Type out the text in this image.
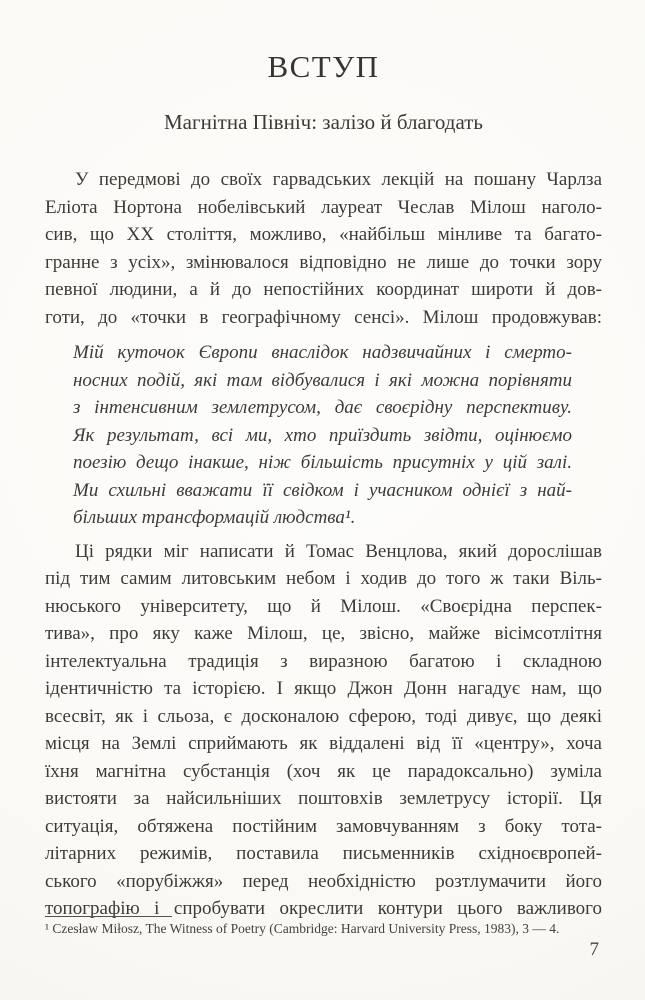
ВСТУП
Магнітна Північ: залізо й благодать
У передмові до своїх гарвадських лекцій на пошану Чарлза
Еліота Нортона нобелівський лауреат Чеслав Мілош наголо-
сив, що ХХ століття, можливо, «найбільш мінливе та багато-
гранне з усіх», змінювалося відповідно не лише до точки зору
певної людини, а й до непостійних координат широти й дов-
готи, до «точки в географічному сенсі». Мілош продовжував:
Мій куточок Європи внаслідок надзвичайних і смерто-
носних подій, які там відбувалися і які можна порівняти
з інтенсивним землетрусом, дає своєрідну перспективу.
Як результат, всі ми, хто приїздить звідти, оцінюємо
поезію дещо інакше, ніж більшість присутніх у цій залі.
Ми схильні вважати її свідком і учасником однієї з най-
більших трансформацій людства¹.
Ці рядки міг написати й Томас Венцлова, який дорослішав
під тим самим литовським небом і ходив до того ж таки Віль-
нюського університету, що й Мілош. «Своєрідна перспек-
тива», про яку каже Мілош, це, звісно, майже вісімсотлітня
інтелектуальна традиція з виразною багатою і складною
ідентичністю та історією. І якщо Джон Донн нагадує нам, що
всесвіт, як і сльоза, є досконалою сферою, тоді дивує, що деякі
місця на Землі сприймають як віддалені від її «центру», хоча
їхня магнітна субстанція (хоч як це парадоксально) зуміла
вистояти за найсильніших поштовхів землетрусу історії. Ця
ситуація, обтяжена постійним замовчуванням з боку тота-
літарних режимів, поставила письменників східноєвропей-
ського «порубіжжя» перед необхідністю розтлумачити його
топографію і спробувати окреслити контури цього важливого
¹ Czesław Miłosz, The Witness of Poetry (Cambridge: Harvard University Press, 1983), 3 — 4.
7
